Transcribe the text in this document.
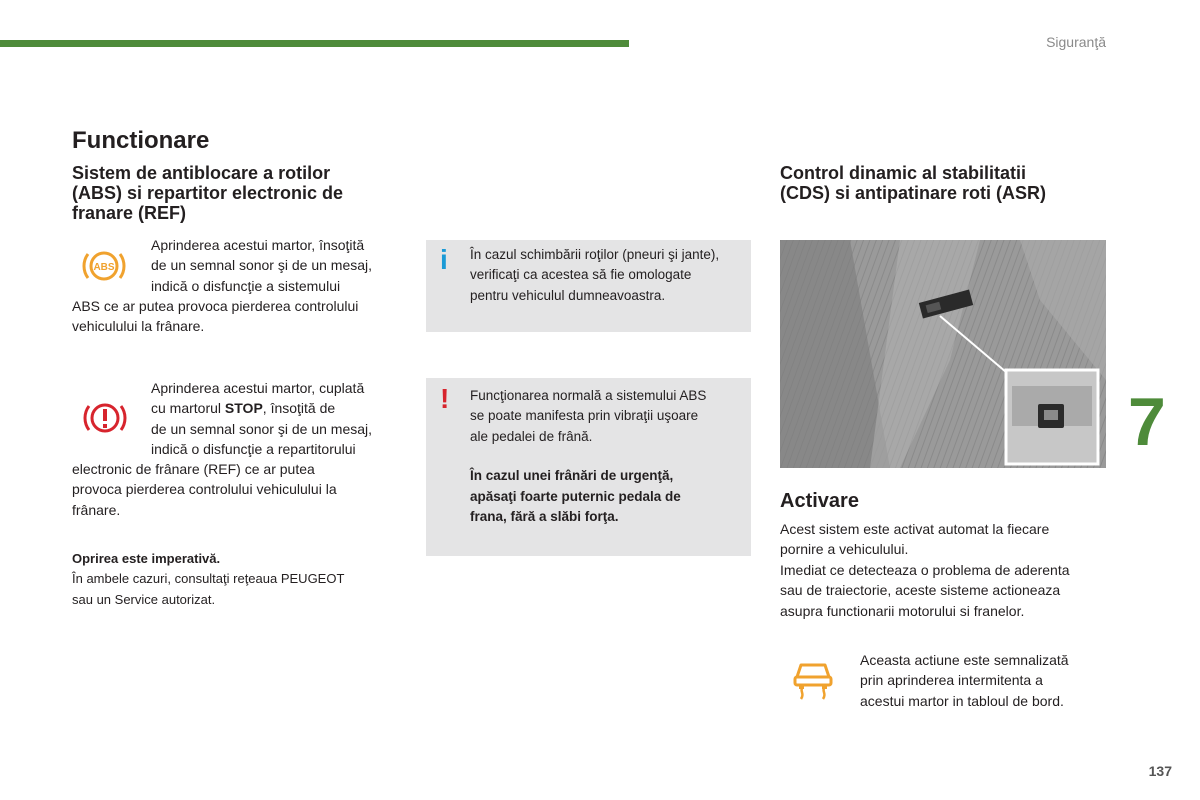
Siguranţă
Functionare
Sistem de antiblocare a rotilor (ABS) si repartitor electronic de franare (REF)
ABS
Aprinderea acestui martor, însoţită
de un semnal sonor şi de un mesaj,
indică o disfuncţie a sistemului
ABS ce ar putea provoca pierderea controlului
vehiculului la frânare.
Aprinderea acestui martor, cuplată
cu martorul STOP, însoţită de
de un semnal sonor şi de un mesaj,
indică o disfuncţie a repartitorului
electronic de frânare (REF) ce ar putea
provoca pierderea controlului vehiculului la
frânare.
Oprirea este imperativă.
În ambele cazuri, consultaţi reţeaua PEUGEOT
sau un Service autorizat.
i În cazul schimbării roţilor (pneuri şi jante),
verificaţi ca acestea să fie omologate
pentru vehiculul dumneavoastra.
! Funcţionarea normală a sistemului ABS
se poate manifesta prin vibraţii uşoare
ale pedalei de frână.
În cazul unei frânări de urgenţă,
apăsaţi foarte puternic pedala de
frana, fără a slăbi forţa.
Control dinamic al stabilitatii (CDS) si antipatinare roti (ASR)
Activare
Acest sistem este activat automat la fiecare
pornire a vehiculului.
Imediat ce detecteaza o problema de aderenta
sau de traiectorie, aceste sisteme actioneaza
asupra functionarii motorului si franelor.
Aceasta actiune este semnalizată
prin aprinderea intermitenta a
acestui martor in tabloul de bord.
7
137
